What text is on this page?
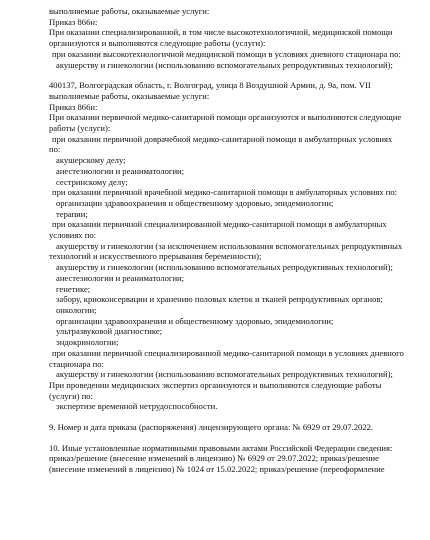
выполняемые работы, оказываемые услуги:
Приказ 866н:
При оказании специализированной, в том числе высокотехнологичной, медицинской помощи
организуются и выполняются следующие работы (услуги):
при оказании высокотехнологичной медицинской помощи в условиях дневного стационара по:
акушерству и гинекологии (использованию вспомогательных репродуктивных технологий);
400137, Волгоградская область, г. Волгоград, улица 8 Воздушной Армии, д. 9а, пом. VII
выполняемые работы, оказываемые услуги:
Приказ 866н:
При оказании первичной медико-санитарной помощи организуются и выполняются следующие
работы (услуги):
при оказании первичной доврачебной медико-санитарной помощи в амбулаторных условиях
по:
акушерскому делу;
анестезиологии и реаниматологии;
сестринскому делу;
при оказании первичной врачебной медико-санитарной помощи в амбулаторных условиях по:
организации здравоохранения и общественному здоровью, эпидемиологии;
терапии;
при оказании первичной специализированной медико-санитарной помощи в амбулаторных
условиях по:
акушерству и гинекологии (за исключением использования вспомогательных репродуктивных
технологий и искусственного прерывания беременности);
акушерству и гинекологии (использованию вспомогательных репродуктивных технологий);
анестезиологии и реаниматологии;
генетике;
забору, криоконсервации и хранению половых клеток и тканей репродуктивных органов;
онкологии;
организации здравоохранения и общественному здоровью, эпидемиологии;
ультразвуковой диагностике;
эндокринологии;
при оказании первичной специализированной медико-санитарной помощи в условиях дневного
стационара по:
акушерству и гинекологии (использованию вспомогательных репродуктивных технологий);
При проведении медицинских экспертиз организуются и выполняются следующие работы
(услуги) по:
экспертизе временной нетрудоспособности.
9. Номер и дата приказа (распоряжения) лицензирующего органа: № 6929 от 29.07.2022.
10. Иные установленные нормативными правовыми актами Российской Федерации сведения:
приказ/решение (внесение изменений в лицензию) № 6929 от 29.07.2022; приказ/решение
(внесение изменений в лицензию) № 1024 от 15.02.2022; приказ/решение (переоформление
